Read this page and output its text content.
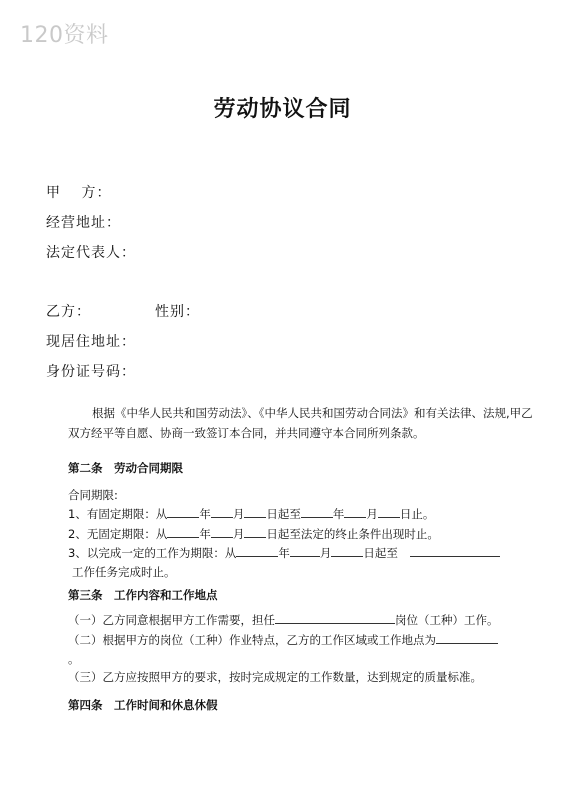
120资料
劳动协议合同
甲　 方：
经营地址：
法定代表人：
乙方：	性别：
现居住地址：
身份证号码：
根据《中华人民共和国劳动法》、《中华人民共和国劳动合同法》和有关法律、法规,甲乙
双方经平等自愿、协商一致签订本合同，并共同遵守本合同所列条款。
第二条　劳动合同期限
合同期限:
1、有固定期限：从	年 月 日起至	年 月 日止。
2、无固定期限：从	年 月 日起至法定的终止条件出现时止。
3、以完成一定的工作为期限：从	年	月	日起至
工作任务完成时止。
第三条　工作内容和工作地点
（一）乙方同意根据甲方工作需要，担任	岗位（工种）工作。
（二）根据甲方的岗位（工种）作业特点，乙方的工作区域或工作地点为
。
（三）乙方应按照甲方的要求，按时完成规定的工作数量，达到规定的质量标准。
第四条　工作时间和休息休假
